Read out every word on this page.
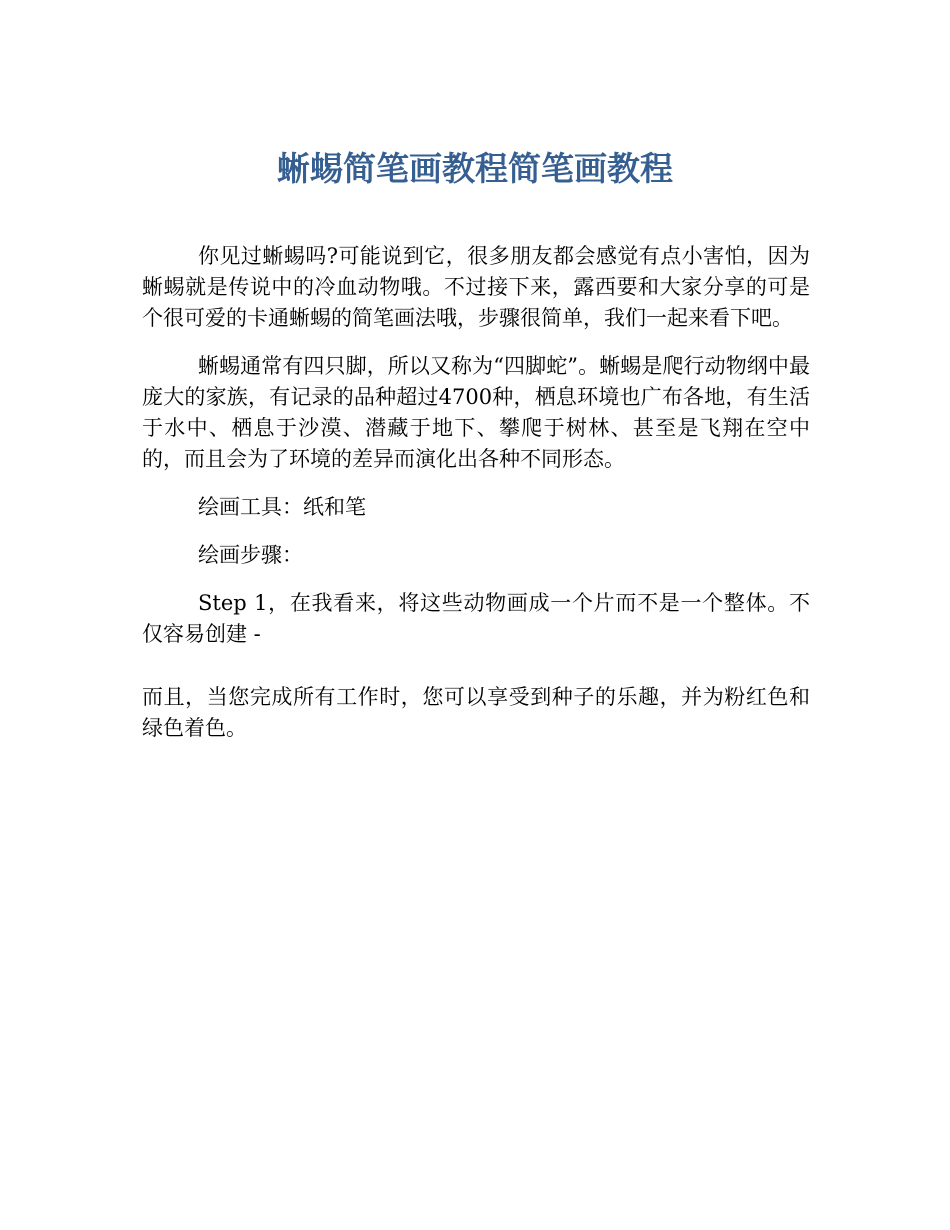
蜥蜴简笔画教程简笔画教程

你见过蜥蜴吗?可能说到它，很多朋友都会感觉有点小害怕，因为蜥蜴就是传说中的冷血动物哦。不过接下来，露西要和大家分享的可是个很可爱的卡通蜥蜴的简笔画法哦，步骤很简单，我们一起来看下吧。

蜥蜴通常有四只脚，所以又称为“四脚蛇”。蜥蜴是爬行动物纲中最庞大的家族，有记录的品种超过4700种，栖息环境也广布各地，有生活于水中、栖息于沙漠、潜藏于地下、攀爬于树林、甚至是飞翔在空中的，而且会为了环境的差异而演化出各种不同形态。

绘画工具：纸和笔

绘画步骤：

Step 1，在我看来，将这些动物画成一个片而不是一个整体。不仅容易创建 -

而且，当您完成所有工作时，您可以享受到种子的乐趣，并为粉红色和绿色着色。
